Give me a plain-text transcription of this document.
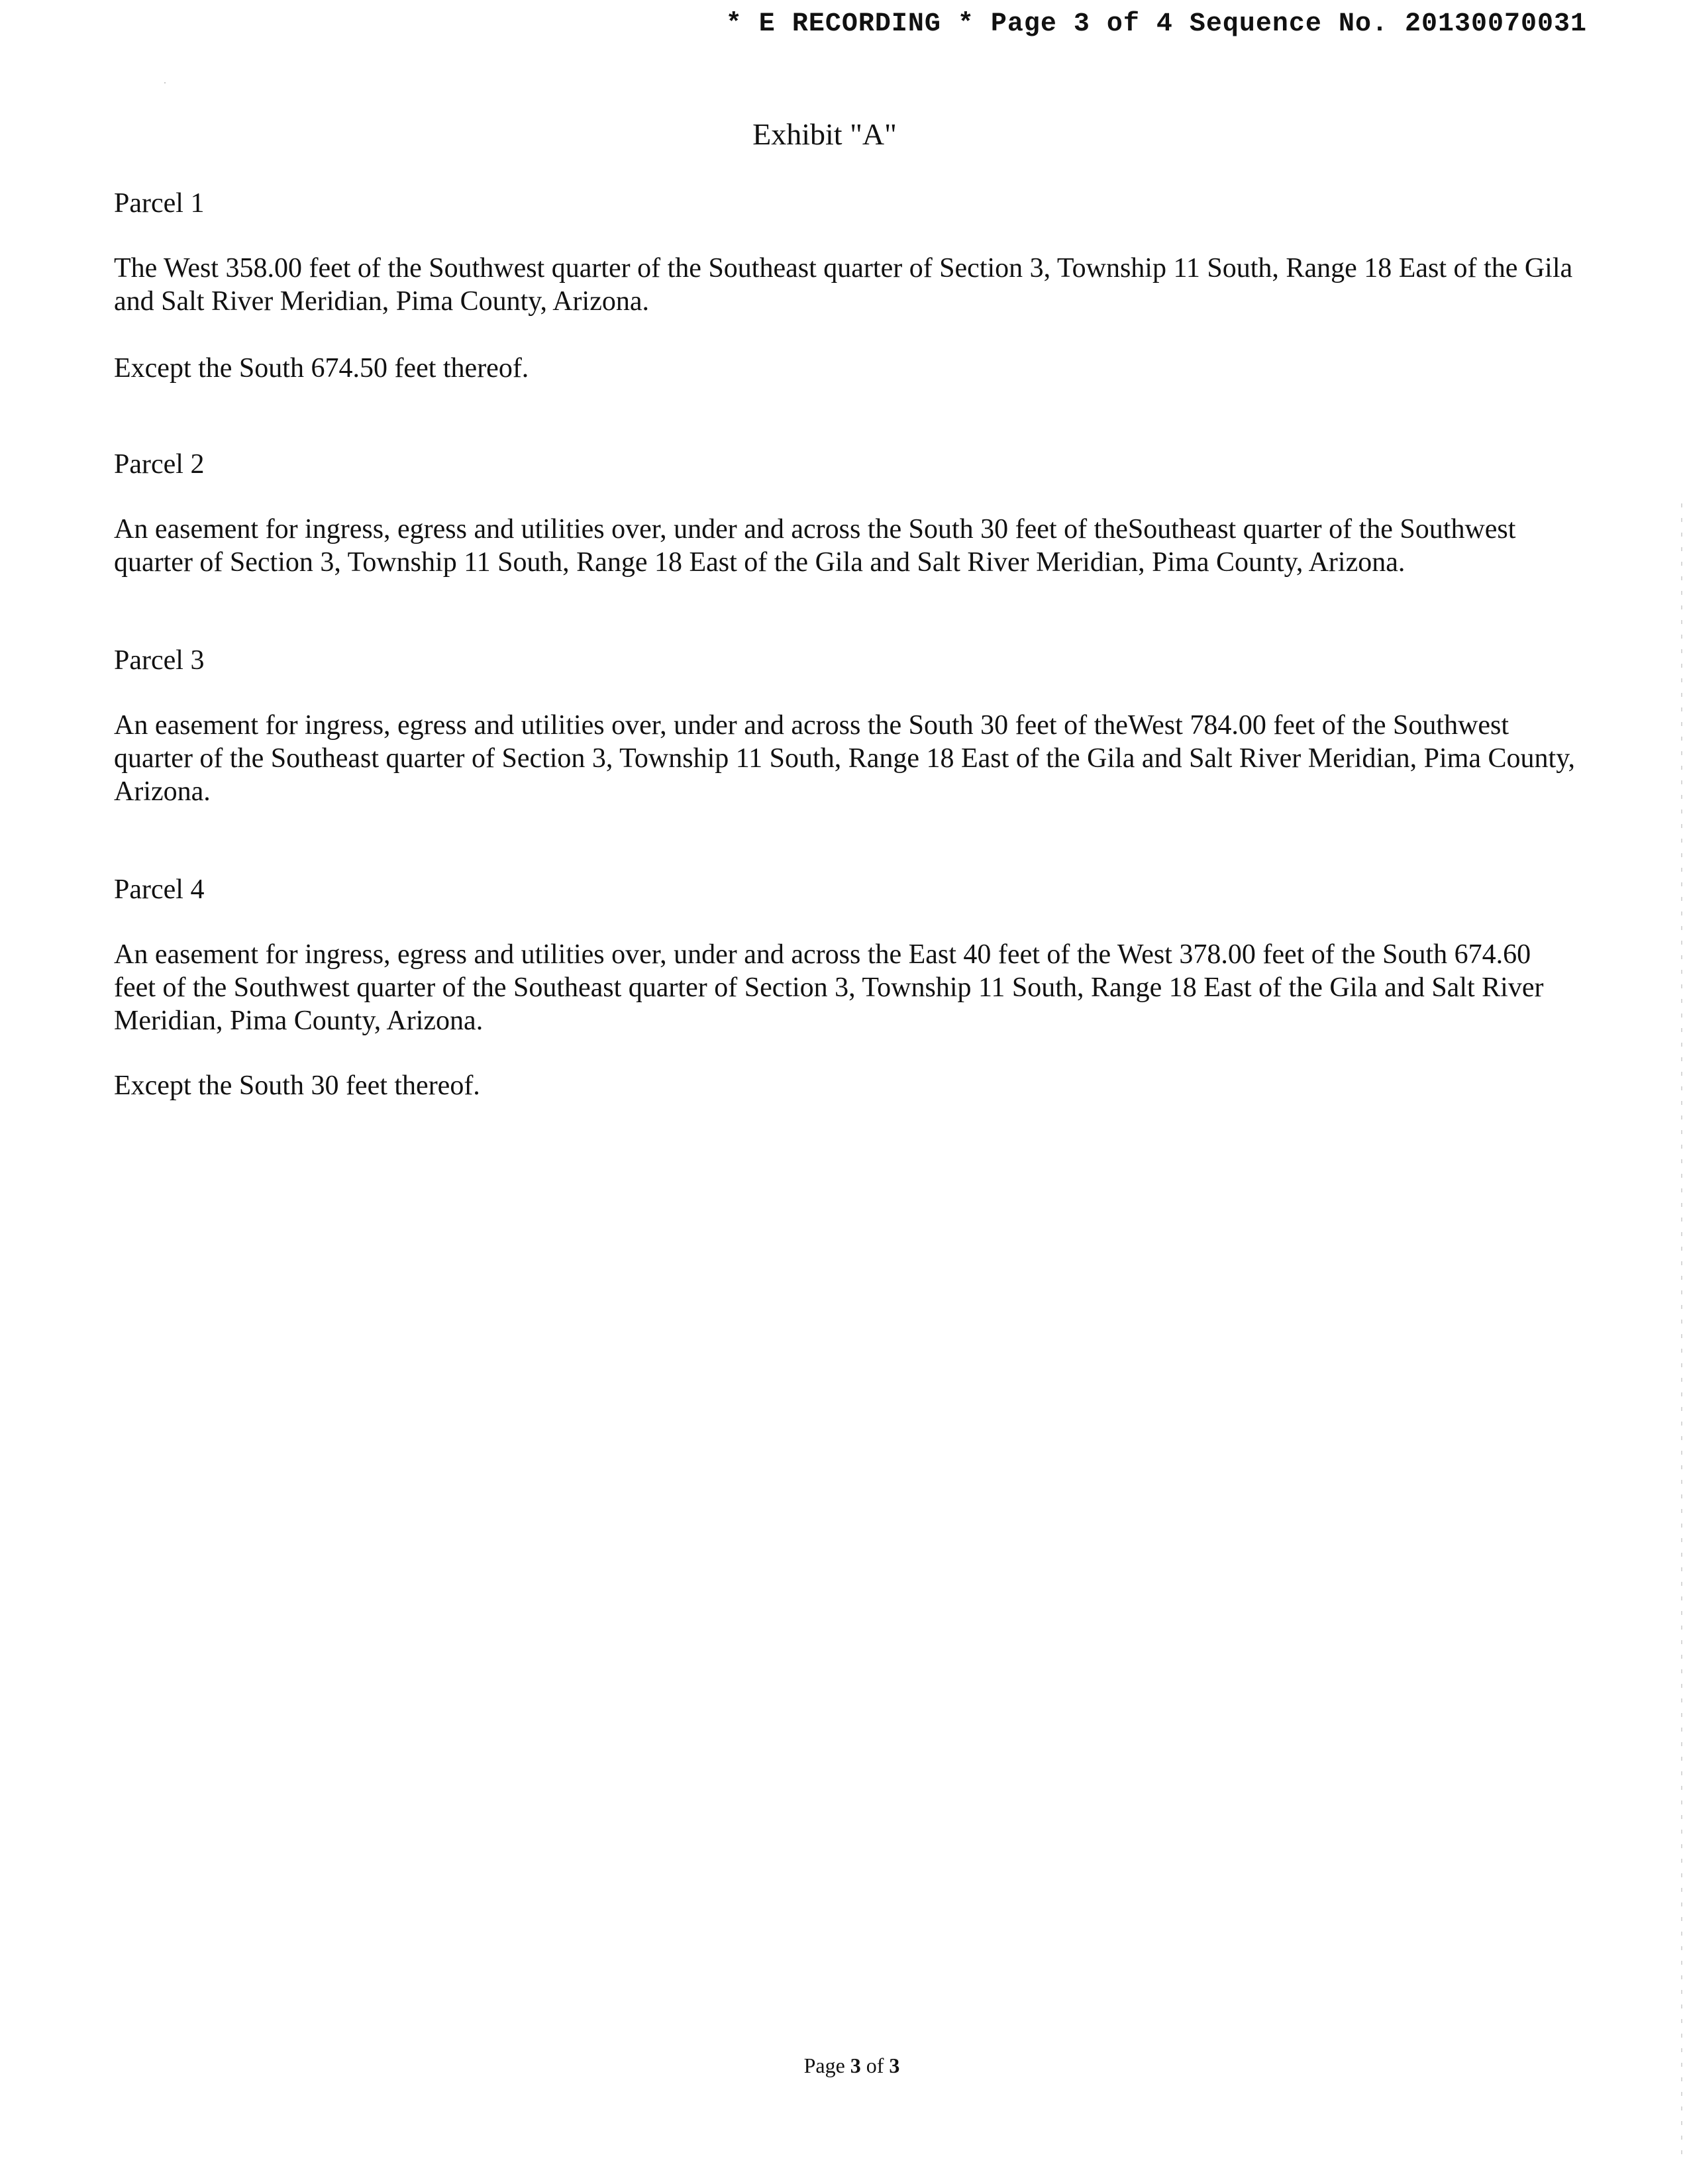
* E RECORDING * Page 3 of 4 Sequence No. 20130070031
Exhibit "A"
Parcel 1
The West 358.00 feet of the Southwest quarter of the Southeast quarter of Section 3, Township 11 South, Range 18 East of the Gila and Salt River Meridian, Pima County, Arizona.
Except the South 674.50 feet thereof.
Parcel 2
An easement for ingress, egress and utilities over, under and across the South 30 feet of theSoutheast quarter of the Southwest quarter of Section 3, Township 11 South, Range 18 East of the Gila and Salt River Meridian, Pima County, Arizona.
Parcel 3
An easement for ingress, egress and utilities over, under and across the South 30 feet of theWest 784.00 feet of the Southwest quarter of the Southeast quarter of Section 3, Township 11 South, Range 18 East of the Gila and Salt River Meridian, Pima County, Arizona.
Parcel 4
An easement for ingress, egress and utilities over, under and across the East 40 feet of the West 378.00 feet of the South 674.60 feet of the Southwest quarter of the Southeast quarter of Section 3, Township 11 South, Range 18 East of the Gila and Salt River Meridian, Pima County, Arizona.
Except the South 30 feet thereof.
Page 3 of 3
